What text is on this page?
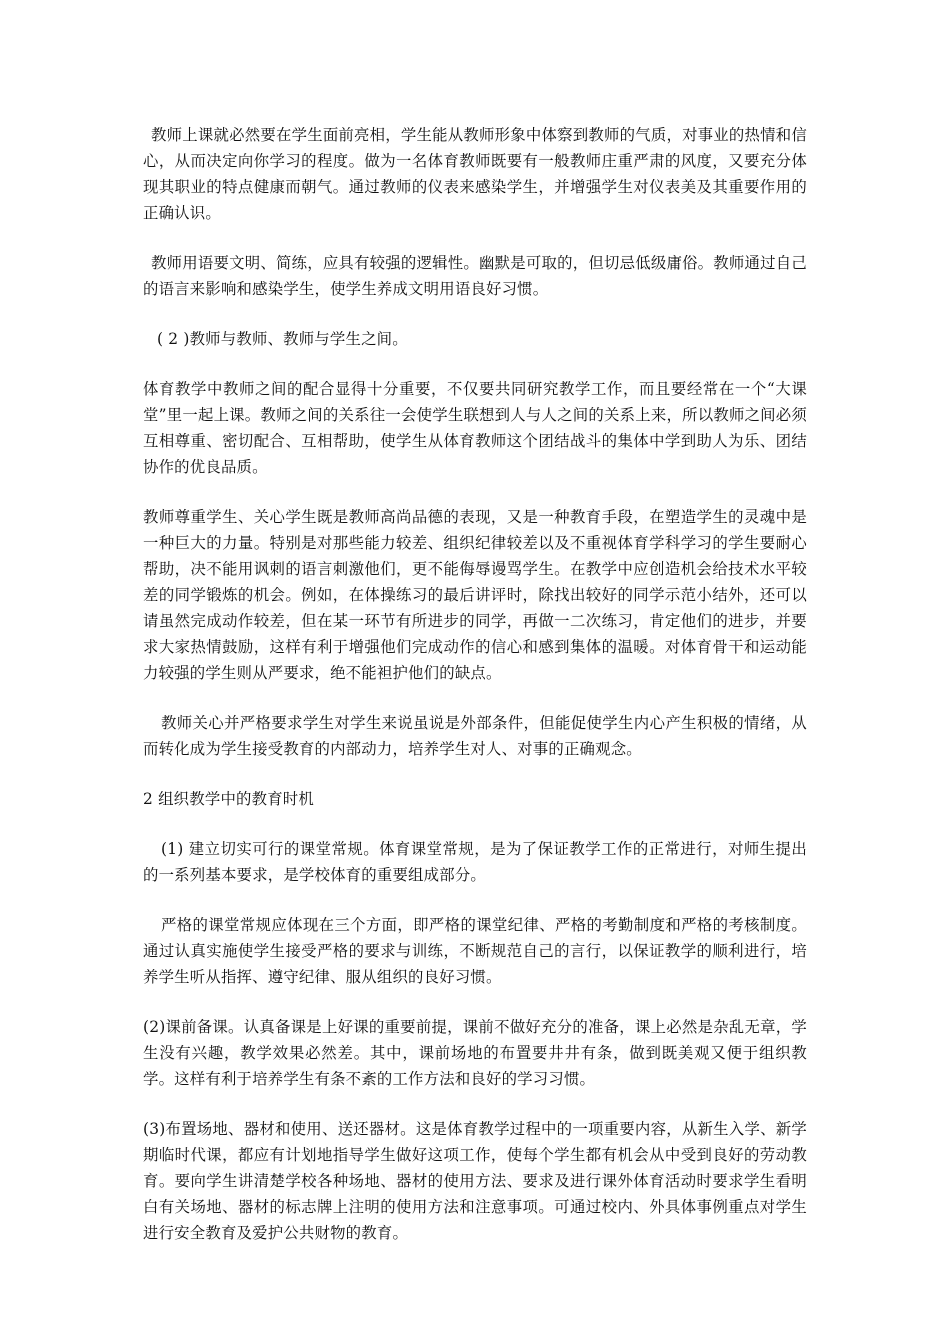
教师上课就必然要在学生面前亮相，学生能从教师形象中体察到教师的气质，对事业的热情和信心，从而决定向你学习的程度。做为一名体育教师既要有一般教师庄重严肃的风度，又要充分体现其职业的特点健康而朝气。通过教师的仪表来感染学生，并增强学生对仪表美及其重要作用的正确认识。

教师用语要文明、简练，应具有较强的逻辑性。幽默是可取的，但切忌低级庸俗。教师通过自己的语言来影响和感染学生，使学生养成文明用语良好习惯。

( 2 )教师与教师、教师与学生之间。

体育教学中教师之间的配合显得十分重要，不仅要共同研究教学工作，而且要经常在一个“大课堂”里一起上课。教师之间的关系往一会使学生联想到人与人之间的关系上来，所以教师之间必须互相尊重、密切配合、互相帮助，使学生从体育教师这个团结战斗的集体中学到助人为乐、团结协作的优良品质。

教师尊重学生、关心学生既是教师高尚品德的表现，又是一种教育手段，在塑造学生的灵魂中是一种巨大的力量。特别是对那些能力较差、组织纪律较差以及不重视体育学科学习的学生要耐心帮助，决不能用讽刺的语言刺激他们，更不能侮辱谩骂学生。在教学中应创造机会给技术水平较差的同学锻炼的机会。例如，在体操练习的最后讲评时，除找出较好的同学示范小结外，还可以请虽然完成动作较差，但在某一环节有所进步的同学，再做一二次练习，肯定他们的进步，并要求大家热情鼓励，这样有利于增强他们完成动作的信心和感到集体的温暖。对体育骨干和运动能力较强的学生则从严要求，绝不能袒护他们的缺点。

教师关心并严格要求学生对学生来说虽说是外部条件，但能促使学生内心产生积极的情绪，从而转化成为学生接受教育的内部动力，培养学生对人、对事的正确观念。

2 组织教学中的教育时机

(1) 建立切实可行的课堂常规。体育课堂常规，是为了保证教学工作的正常进行，对师生提出的一系列基本要求，是学校体育的重要组成部分。

严格的课堂常规应体现在三个方面，即严格的课堂纪律、严格的考勤制度和严格的考核制度。通过认真实施使学生接受严格的要求与训练，不断规范自己的言行，以保证教学的顺利进行，培养学生听从指挥、遵守纪律、服从组织的良好习惯。

(2)课前备课。认真备课是上好课的重要前提，课前不做好充分的准备，课上必然是杂乱无章，学生没有兴趣，教学效果必然差。其中，课前场地的布置要井井有条，做到既美观又便于组织教学。这样有利于培养学生有条不紊的工作方法和良好的学习习惯。

(3)布置场地、器材和使用、送还器材。这是体育教学过程中的一项重要内容，从新生入学、新学期临时代课，都应有计划地指导学生做好这项工作，使每个学生都有机会从中受到良好的劳动教育。要向学生讲清楚学校各种场地、器材的使用方法、要求及进行课外体育活动时要求学生看明白有关场地、器材的标志牌上注明的使用方法和注意事项。可通过校内、外具体事例重点对学生进行安全教育及爱护公共财物的教育。
